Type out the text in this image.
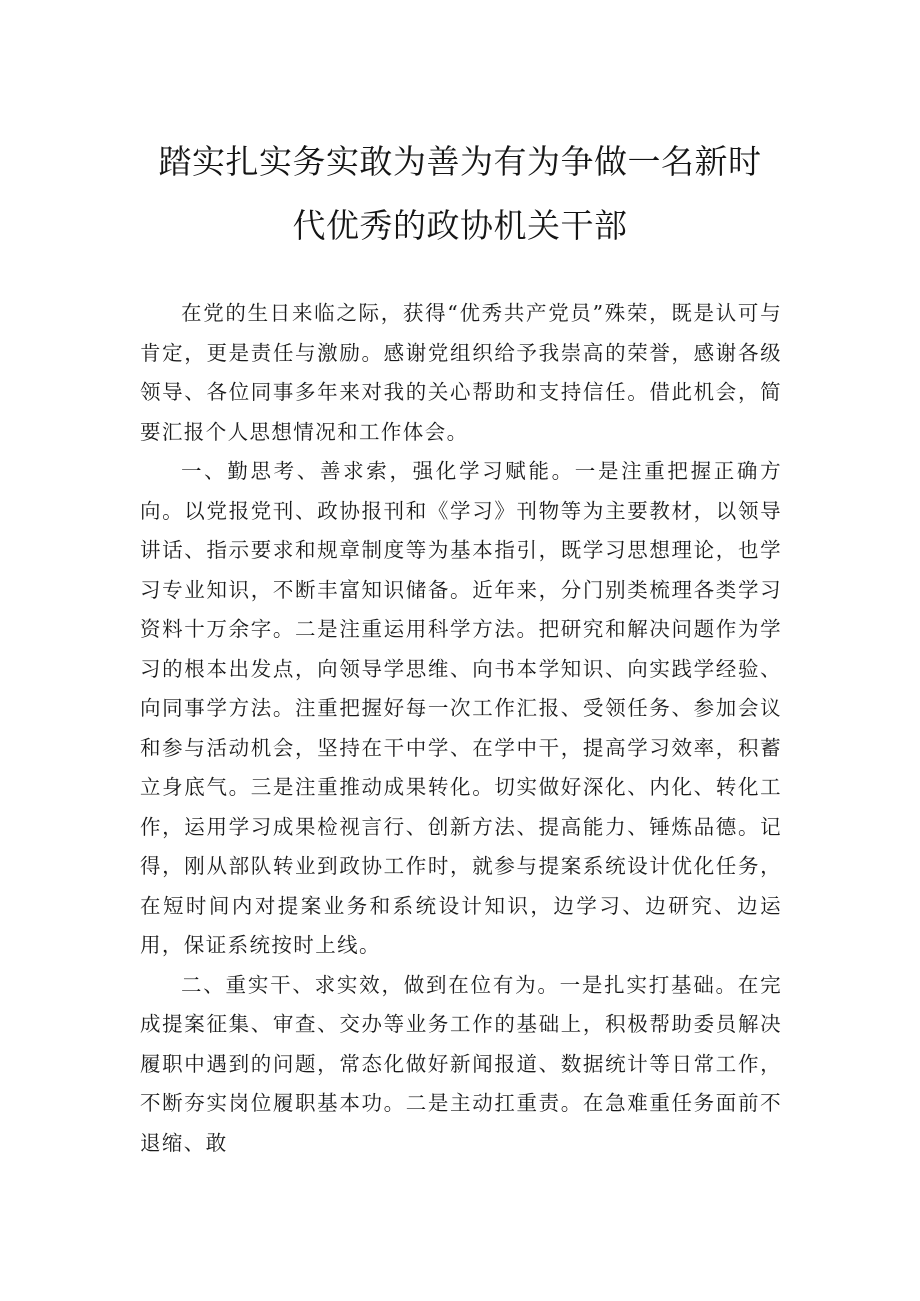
踏实扎实务实敢为善为有为争做一名新时
代优秀的政协机关干部

在党的生日来临之际，获得“优秀共产党员”殊荣，既是认可与肯定，更是责任与激励。感谢党组织给予我崇高的荣誉，感谢各级领导、各位同事多年来对我的关心帮助和支持信任。借此机会，简要汇报个人思想情况和工作体会。

一、勤思考、善求索，强化学习赋能。一是注重把握正确方向。以党报党刊、政协报刊和《学习》刊物等为主要教材，以领导讲话、指示要求和规章制度等为基本指引，既学习思想理论，也学习专业知识，不断丰富知识储备。近年来，分门别类梳理各类学习资料十万余字。二是注重运用科学方法。把研究和解决问题作为学习的根本出发点，向领导学思维、向书本学知识、向实践学经验、向同事学方法。注重把握好每一次工作汇报、受领任务、参加会议和参与活动机会，坚持在干中学、在学中干，提高学习效率，积蓄立身底气。三是注重推动成果转化。切实做好深化、内化、转化工作，运用学习成果检视言行、创新方法、提高能力、锤炼品德。记得，刚从部队转业到政协工作时，就参与提案系统设计优化任务，在短时间内对提案业务和系统设计知识，边学习、边研究、边运用，保证系统按时上线。

二、重实干、求实效，做到在位有为。一是扎实打基础。在完成提案征集、审查、交办等业务工作的基础上，积极帮助委员解决履职中遇到的问题，常态化做好新闻报道、数据统计等日常工作，不断夯实岗位履职基本功。二是主动扛重责。在急难重任务面前不退缩、敢
